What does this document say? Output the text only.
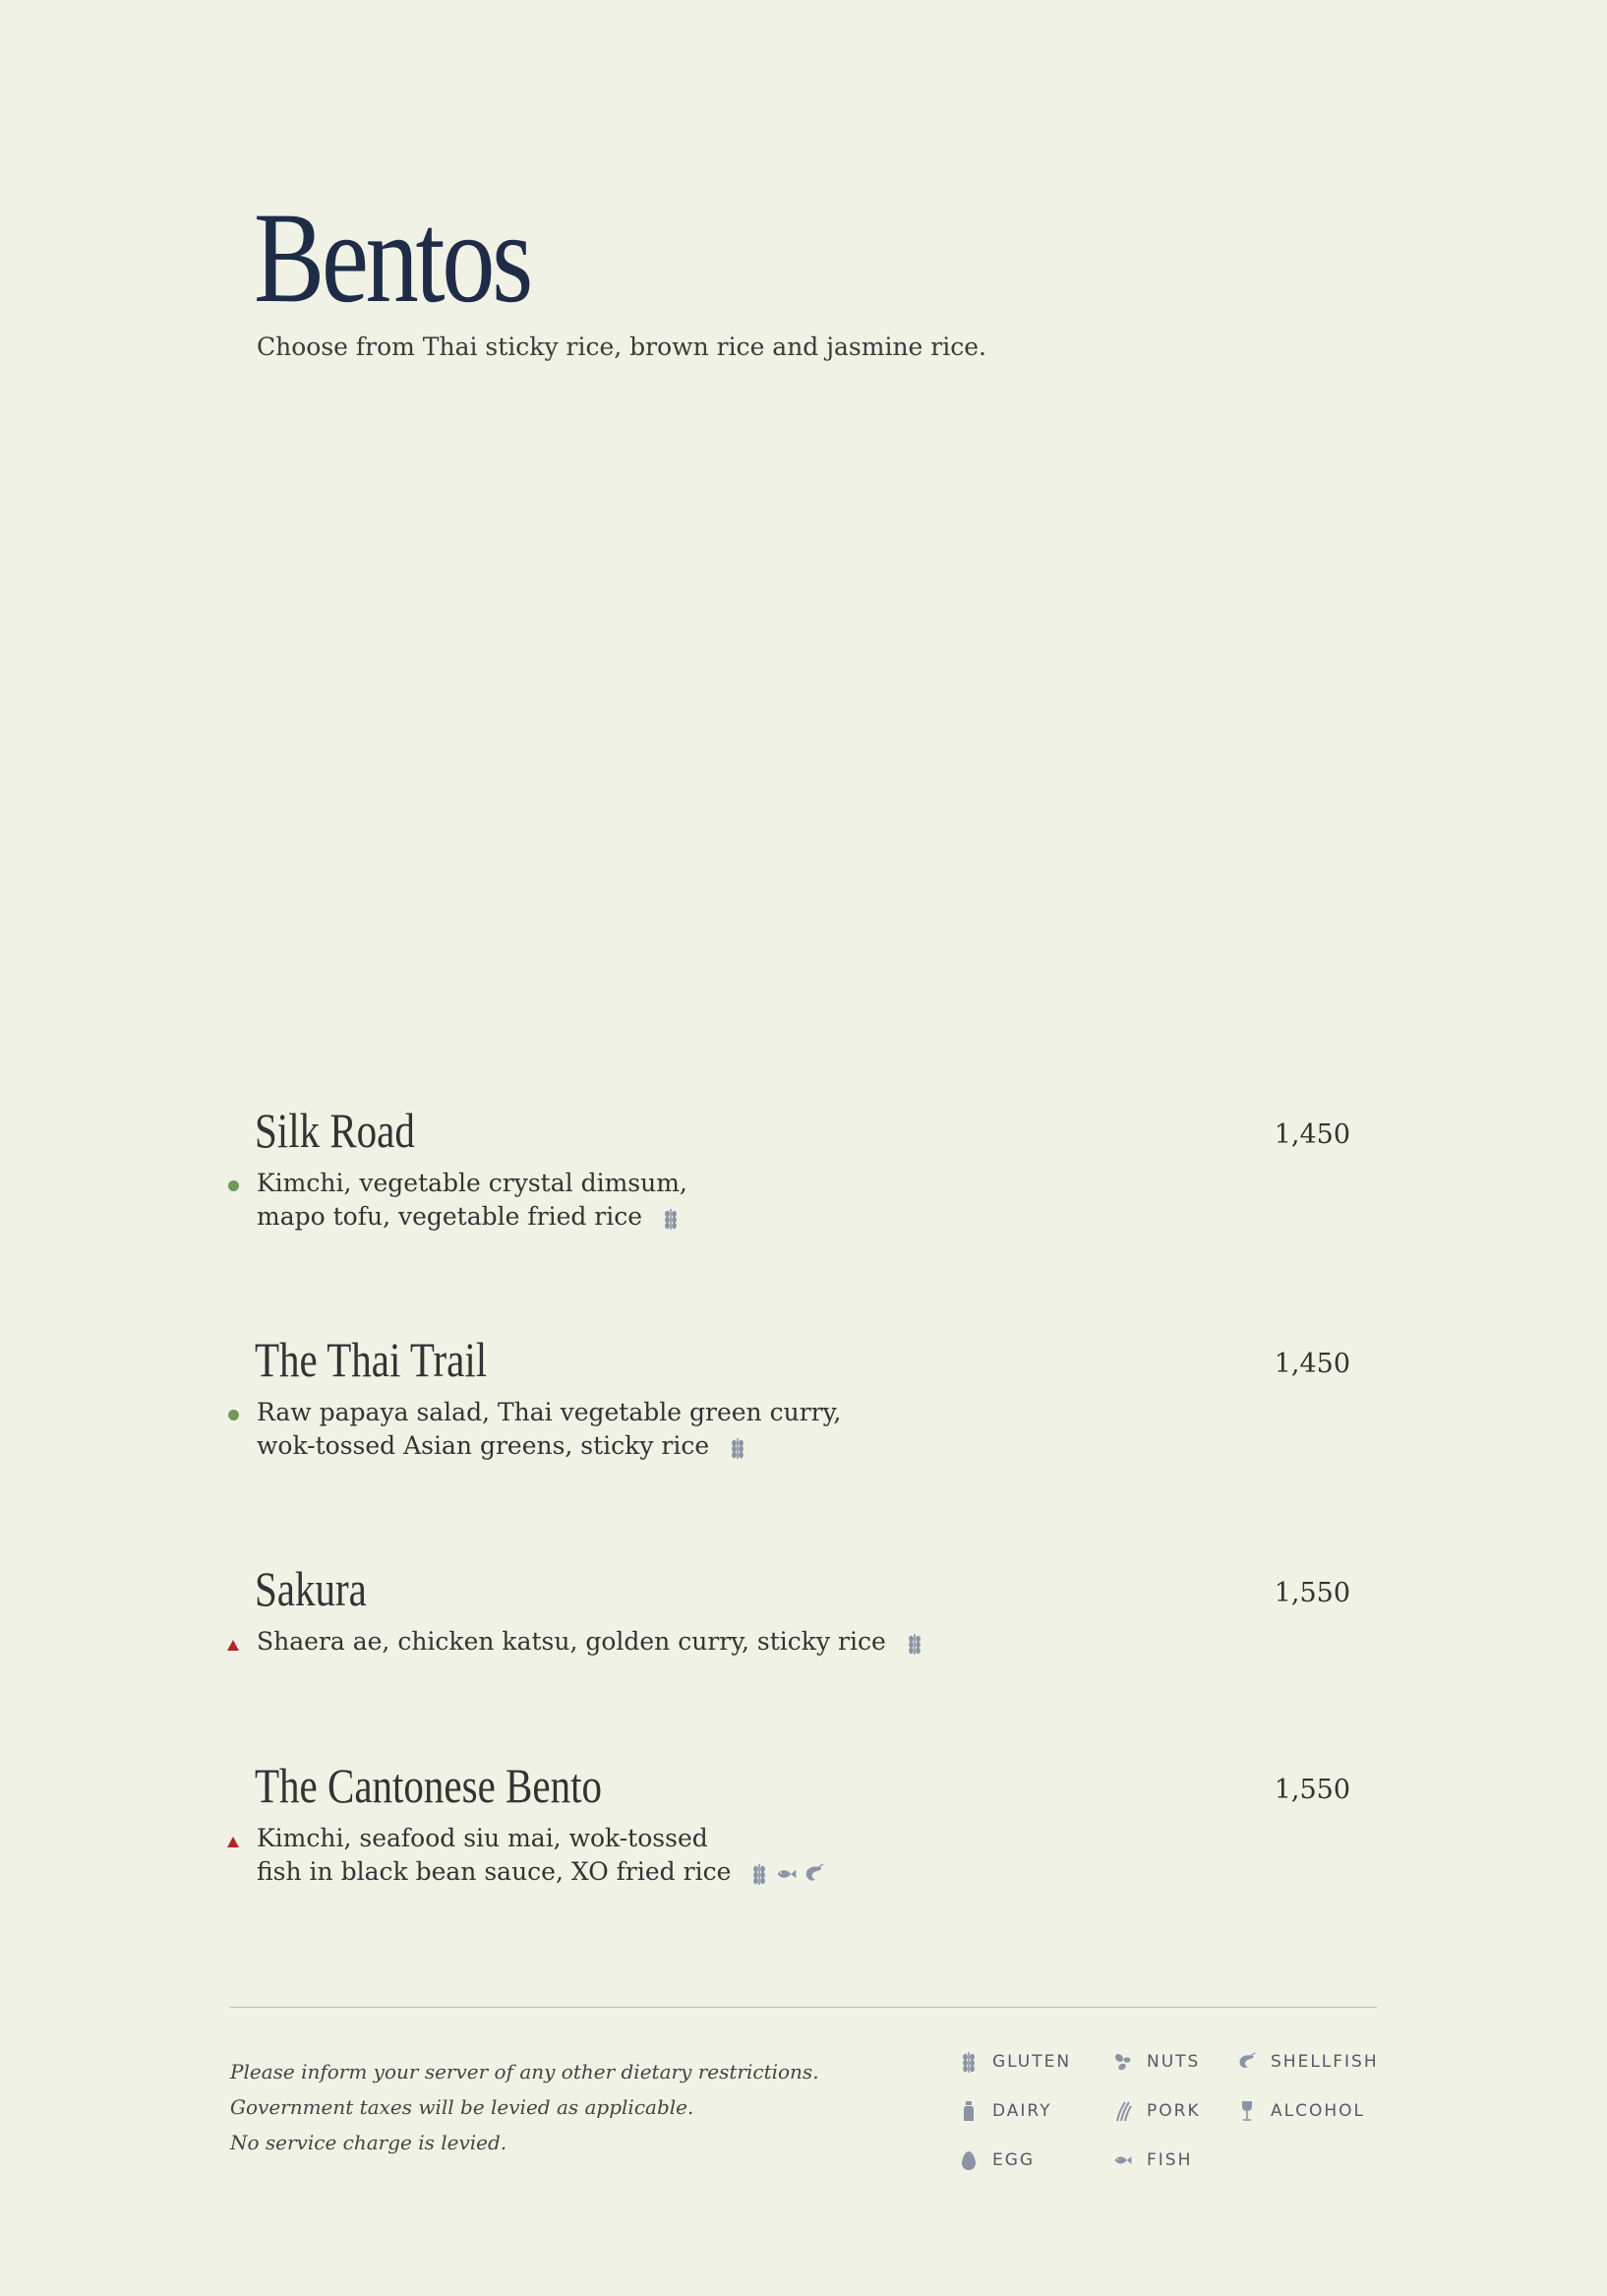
Bentos

Choose from Thai sticky rice, brown rice and jasmine rice.

Silk Road	1,450
Kimchi, vegetable crystal dimsum,
mapo tofu, vegetable fried rice
The Thai Trail	1,450
Raw papaya salad, Thai vegetable green curry,
wok-tossed Asian greens, sticky rice
Sakura	1,550
Shaera ae, chicken katsu, golden curry, sticky rice
The Cantonese Bento	1,550
Kimchi, seafood siu mai, wok-tossed
fish in black bean sauce, XO fried rice
Please inform your server of any other dietary restrictions.
Government taxes will be levied as applicable.
No service charge is levied.
GLUTEN	NUTS	SHELLFISH
DAIRY	PORK	ALCOHOL
EGG	FISH
